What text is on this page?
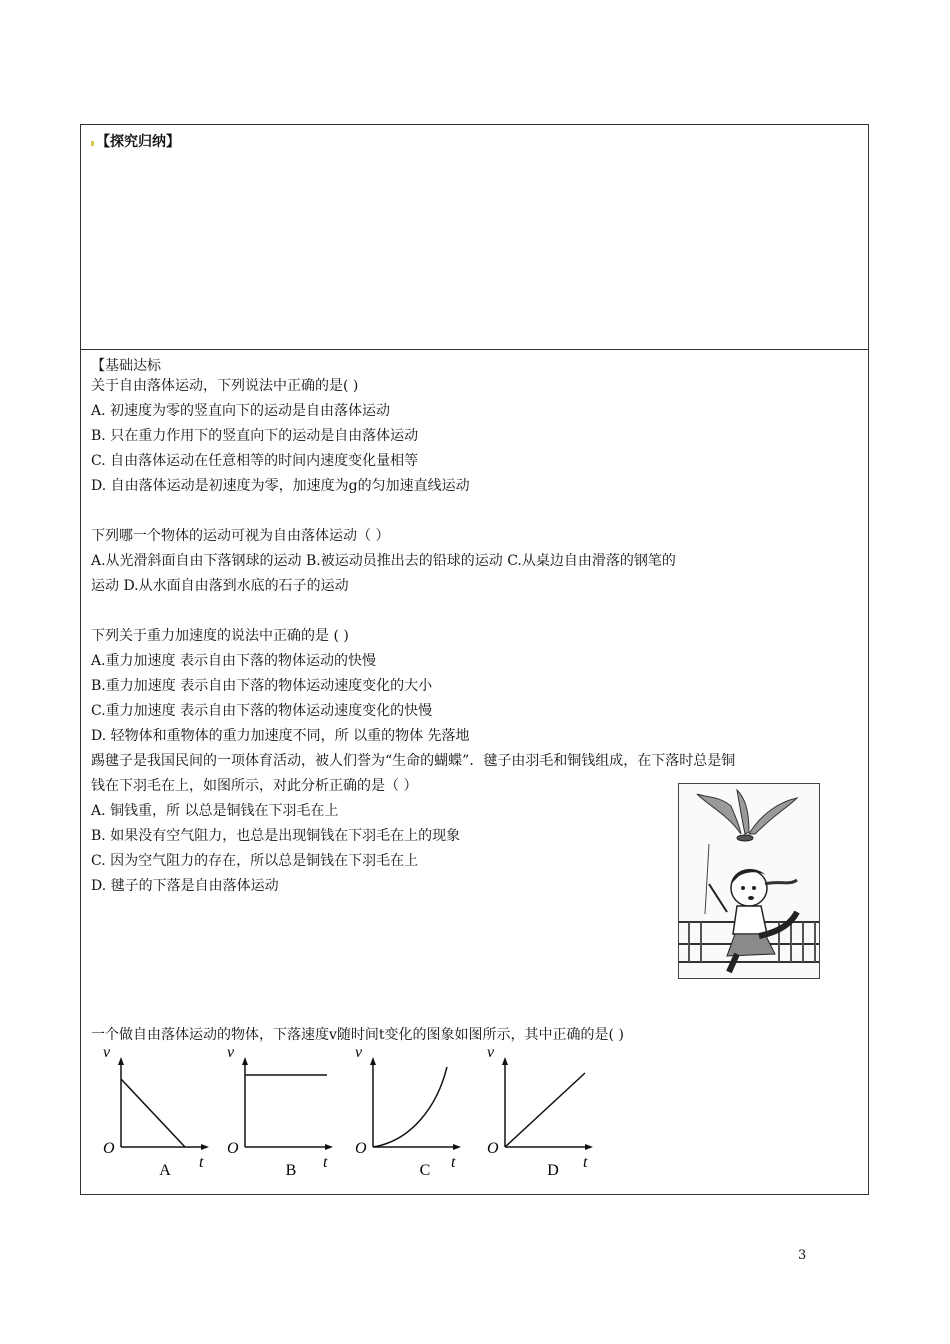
【探究归纳】
【基础达标
关于自由落体运动，下列说法中正确的是( )
A. 初速度为零的竖直向下的运动是自由落体运动
B. 只在重力作用下的竖直向下的运动是自由落体运动
C. 自由落体运动在任意相等的时间内速度变化量相等
D. 自由落体运动是初速度为零，加速度为g的匀加速直线运动
下列哪一个物体的运动可视为自由落体运动（ ）
A.从光滑斜面自由下落钢球的运动 B.被运动员推出去的铅球的运动 C.从桌边自由滑落的钢笔的
运动 D.从水面自由落到水底的石子的运动
下列关于重力加速度的说法中正确的是 ( )
A.重力加速度 表示自由下落的物体运动的快慢
B.重力加速度 表示自由下落的物体运动速度变化的大小
C.重力加速度 表示自由下落的物体运动速度变化的快慢
D. 轻物体和重物体的重力加速度不同，所 以重的物体 先落地
踢毽子是我国民间的一项体育活动，被人们誉为“生命的蝴蝶”．毽子由羽毛和铜钱组成，在下落时总是铜
钱在下羽毛在上，如图所示，对此分析正确的是（ ）
A. 铜钱重，所 以总是铜钱在下羽毛在上
B. 如果没有空气阻力，也总是出现铜钱在下羽毛在上的现象
C. 因为空气阻力的存在，所以总是铜钱在下羽毛在上
D. 毽子的下落是自由落体运动
一个做自由落体运动的物体，下落速度v随时间t变化的图象如图所示，其中正确的是( )
v
t
O
A
v
t
O
B
v
t
O
C
v
t
O
D
3
